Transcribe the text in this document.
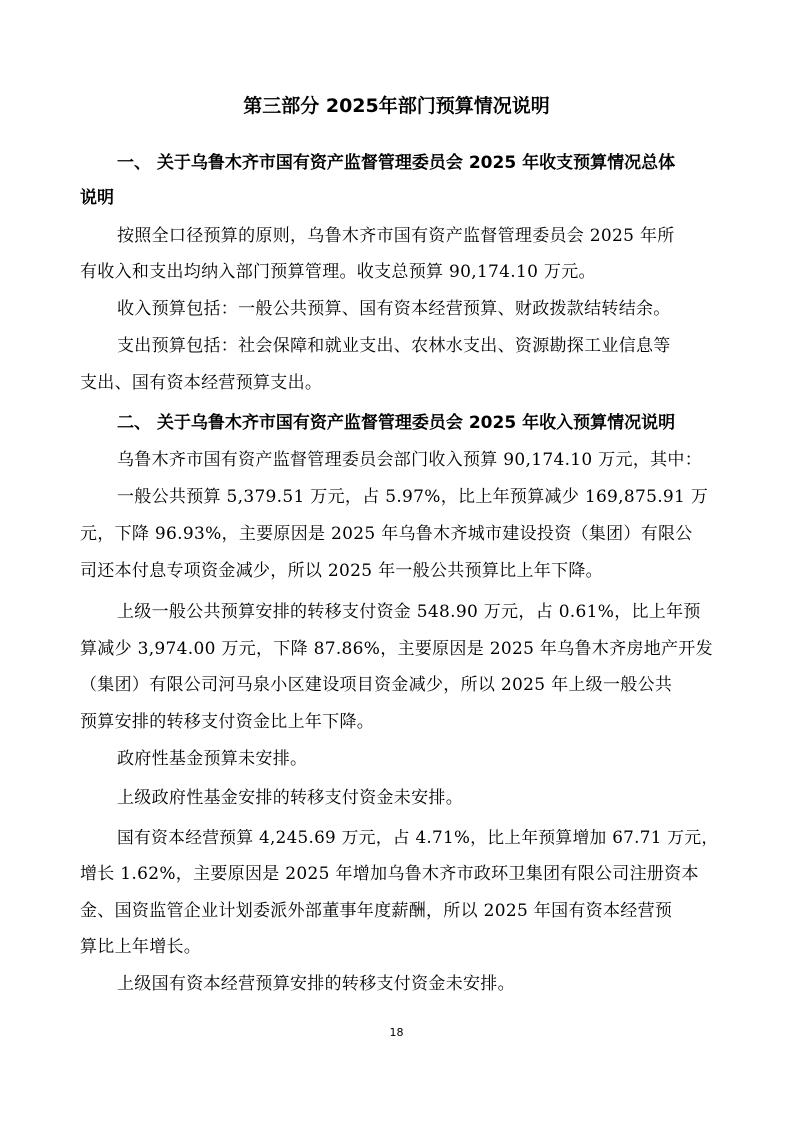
第三部分 2025年部门预算情况说明
一、 关于乌鲁木齐市国有资产监督管理委员会 2025 年收支预算情况总体
说明
按照全口径预算的原则，乌鲁木齐市国有资产监督管理委员会 2025 年所
有收入和支出均纳入部门预算管理。收支总预算 90,174.10 万元。
收入预算包括：一般公共预算、国有资本经营预算、财政拨款结转结余。
支出预算包括：社会保障和就业支出、农林水支出、资源勘探工业信息等
支出、国有资本经营预算支出。
二、 关于乌鲁木齐市国有资产监督管理委员会 2025 年收入预算情况说明
乌鲁木齐市国有资产监督管理委员会部门收入预算 90,174.10 万元，其中：
一般公共预算 5,379.51 万元，占 5.97%，比上年预算减少 169,875.91 万
元，下降 96.93%，主要原因是 2025 年乌鲁木齐城市建设投资（集团）有限公
司还本付息专项资金减少，所以 2025 年一般公共预算比上年下降。
上级一般公共预算安排的转移支付资金 548.90 万元，占 0.61%，比上年预
算减少 3,974.00 万元，下降 87.86%，主要原因是 2025 年乌鲁木齐房地产开发
（集团）有限公司河马泉小区建设项目资金减少，所以 2025 年上级一般公共
预算安排的转移支付资金比上年下降。
政府性基金预算未安排。
上级政府性基金安排的转移支付资金未安排。
国有资本经营预算 4,245.69 万元，占 4.71%，比上年预算增加 67.71 万元，
增长 1.62%，主要原因是 2025 年增加乌鲁木齐市政环卫集团有限公司注册资本
金、国资监管企业计划委派外部董事年度薪酬，所以 2025 年国有资本经营预
算比上年增长。
上级国有资本经营预算安排的转移支付资金未安排。
18
